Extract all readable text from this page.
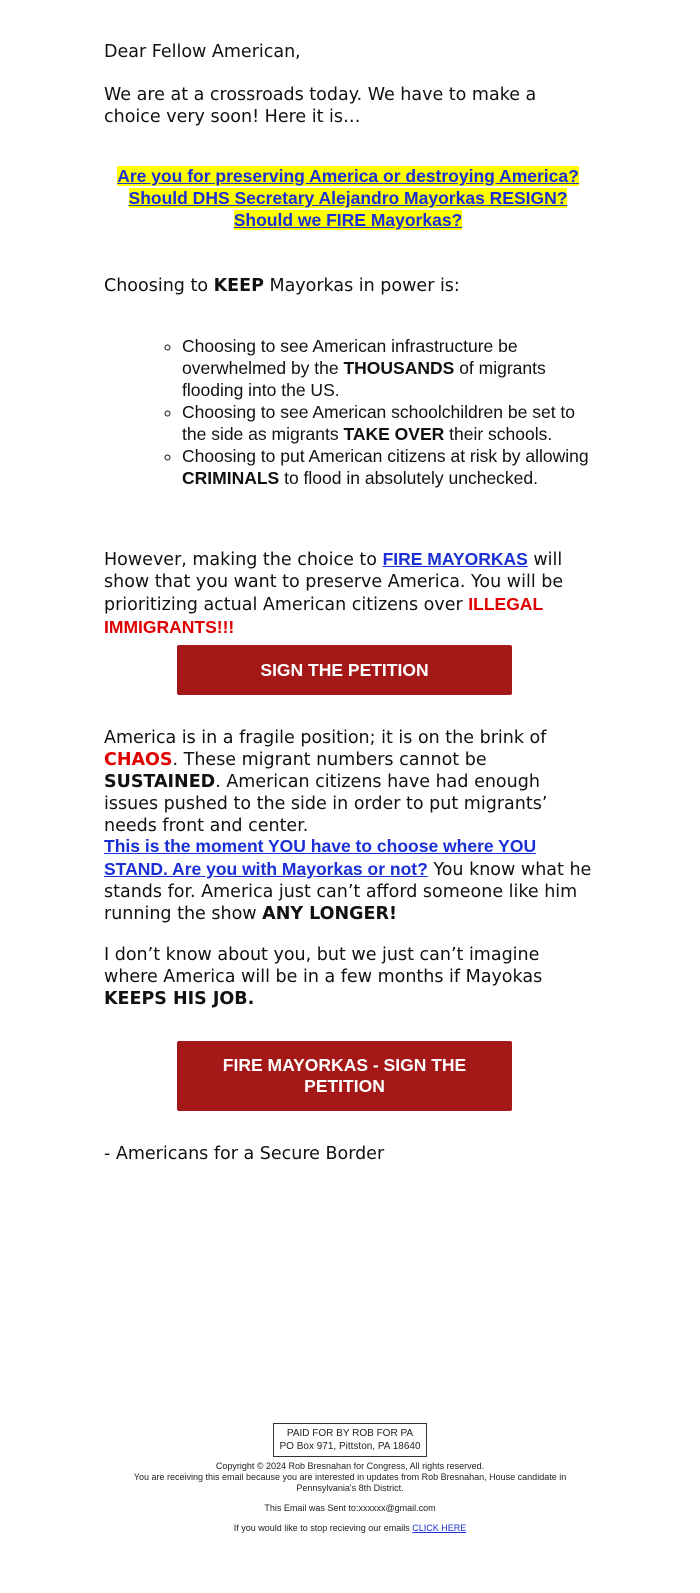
Dear Fellow American,

We are at a crossroads today. We have to make a choice very soon! Here it is…

Are you for preserving America or destroying America?
Should DHS Secretary Alejandro Mayorkas RESIGN?
Should we FIRE Mayorkas?

Choosing to KEEP Mayorkas in power is:

◦ Choosing to see American infrastructure be overwhelmed by the THOUSANDS of migrants flooding into the US.
◦ Choosing to see American schoolchildren be set to the side as migrants TAKE OVER their schools.
◦ Choosing to put American citizens at risk by allowing CRIMINALS to flood in absolutely unchecked.

However, making the choice to FIRE MAYORKAS will show that you want to preserve America. You will be prioritizing actual American citizens over ILLEGAL IMMIGRANTS!!!

SIGN THE PETITION

America is in a fragile position; it is on the brink of CHAOS. These migrant numbers cannot be SUSTAINED. American citizens have had enough issues pushed to the side in order to put migrants’ needs front and center.

This is the moment YOU have to choose where YOU STAND. Are you with Mayorkas or not? You know what he stands for. America just can’t afford someone like him running the show ANY LONGER!

I don’t know about you, but we just can’t imagine where America will be in a few months if Mayokas KEEPS HIS JOB.

FIRE MAYORKAS - SIGN THE PETITION

- Americans for a Secure Border

PAID FOR BY ROB FOR PA
PO Box 971, Pittston, PA 18640

Copyright © 2024 Rob Bresnahan for Congress, All rights reserved.

You are receiving this email because you are interested in updates from Rob Bresnahan, House candidate in Pennsylvania's 8th District.

This Email was Sent to:xxxxxx@gmail.com

If you would like to stop recieving our emails CLICK HERE
